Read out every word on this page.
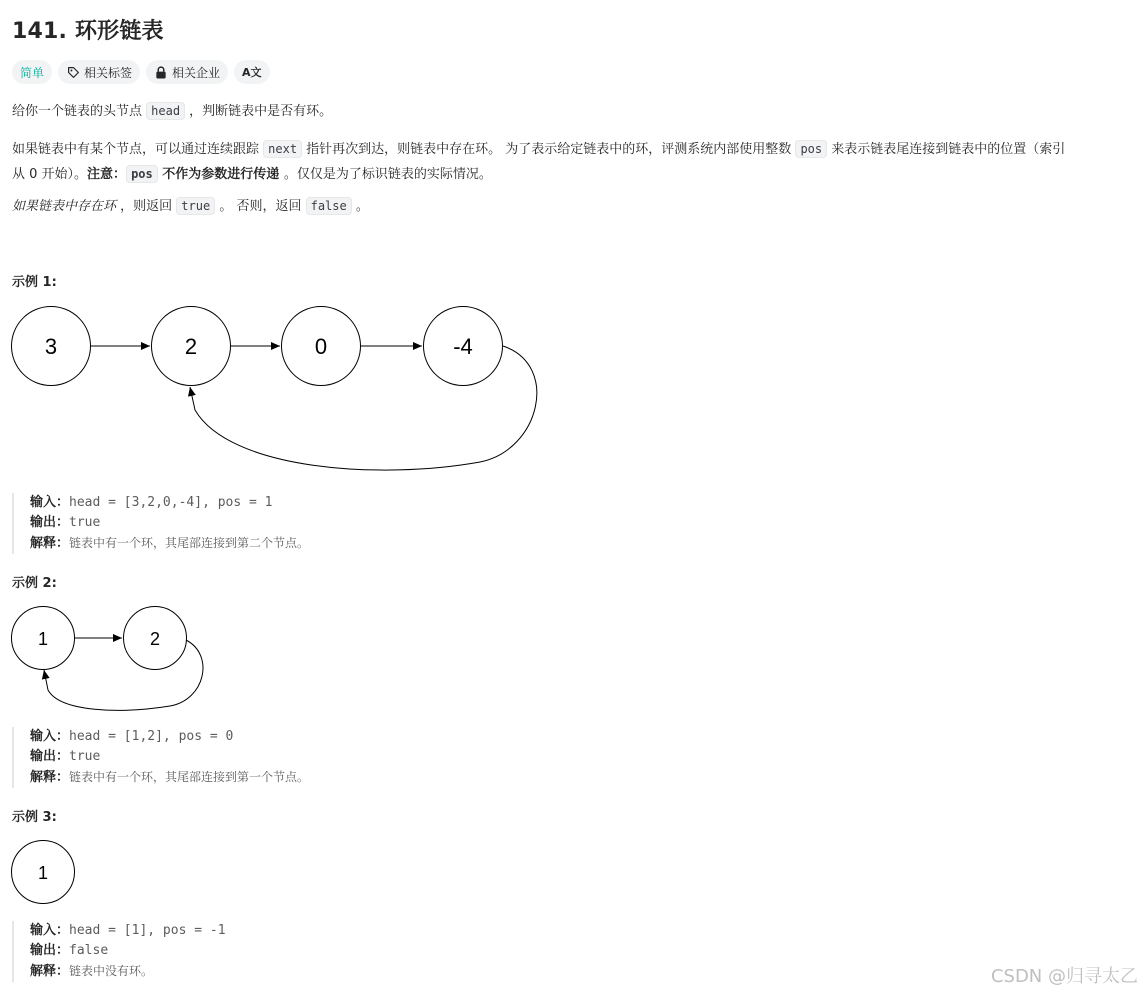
141. 环形链表
简单	相关标签	相关企业 A文
给你一个链表的头节点 head ，判断链表中是否有环。
如果链表中有某个节点，可以通过连续跟踪 next 指针再次到达，则链表中存在环。 为了表示给定链表中的环，评测系统内部使用整数 pos 来表示链表尾连接到链表中的位置（索引
从 0 开始）。注意： pos 不作为参数进行传递 。仅仅是为了标识链表的实际情况。
如果链表中存在环 ，则返回 true 。 否则，返回 false 。
示例 1:
3	2	0	-4
输入：head = [3,2,0,-4], pos = 1
输出：true
解释：链表中有一个环，其尾部连接到第二个节点。
示例 2:
1	2
输入：head = [1,2], pos = 0
输出：true
解释：链表中有一个环，其尾部连接到第一个节点。
示例 3:
1
输入：head = [1], pos = -1
输出：false
解释：链表中没有环。	CSDN @归寻太乙
